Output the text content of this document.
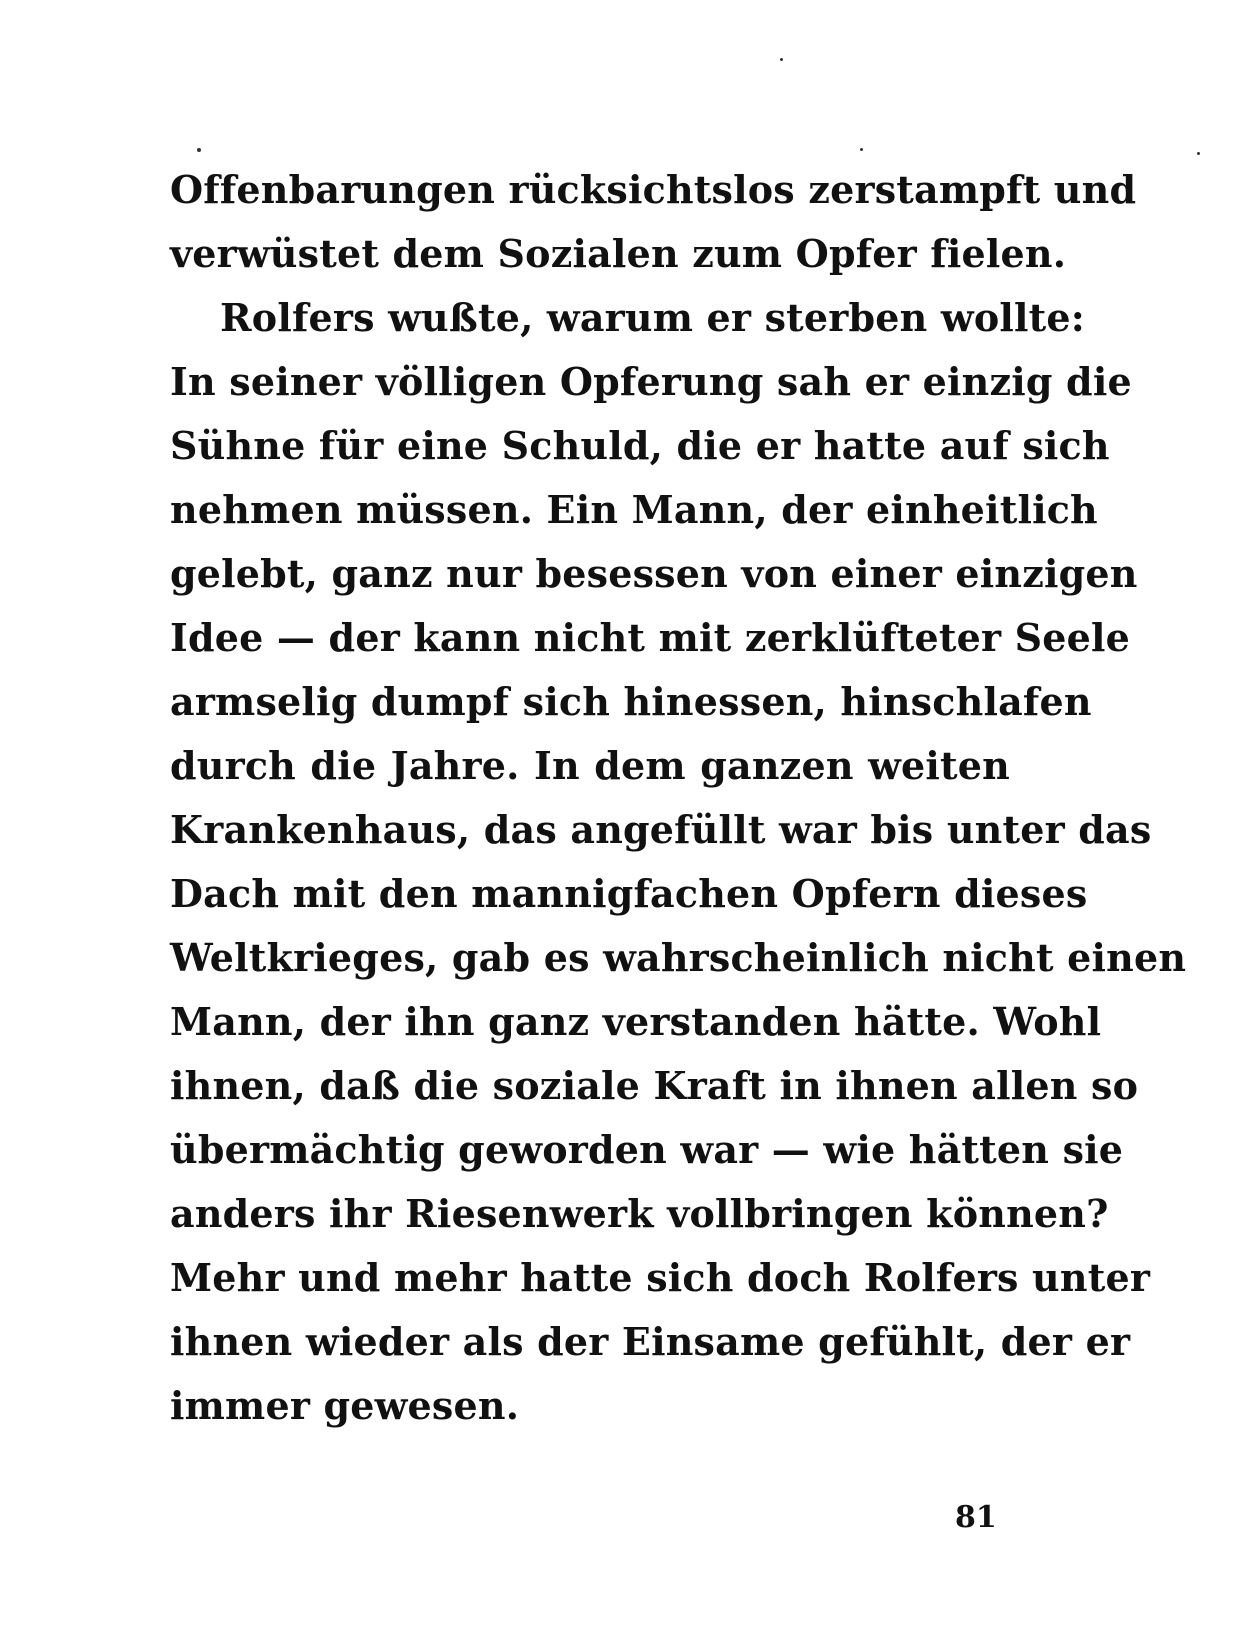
Offenbarungen rücksichtslos zerstampft und
verwüstet dem Sozialen zum Opfer fielen.
Rolfers wußte, warum er sterben wollte:
In seiner völligen Opferung sah er einzig die
Sühne für eine Schuld, die er hatte auf sich
nehmen müssen. Ein Mann, der einheitlich
gelebt, ganz nur besessen von einer einzigen
Idee — der kann nicht mit zerklüfteter Seele
armselig dumpf sich hinessen, hinschlafen
durch die Jahre. In dem ganzen weiten
Krankenhaus, das angefüllt war bis unter das
Dach mit den mannigfachen Opfern dieses
Weltkrieges, gab es wahrscheinlich nicht einen
Mann, der ihn ganz verstanden hätte. Wohl
ihnen, daß die soziale Kraft in ihnen allen so
übermächtig geworden war — wie hätten sie
anders ihr Riesenwerk vollbringen können?
Mehr und mehr hatte sich doch Rolfers unter
ihnen wieder als der Einsame gefühlt, der er
immer gewesen.
81
